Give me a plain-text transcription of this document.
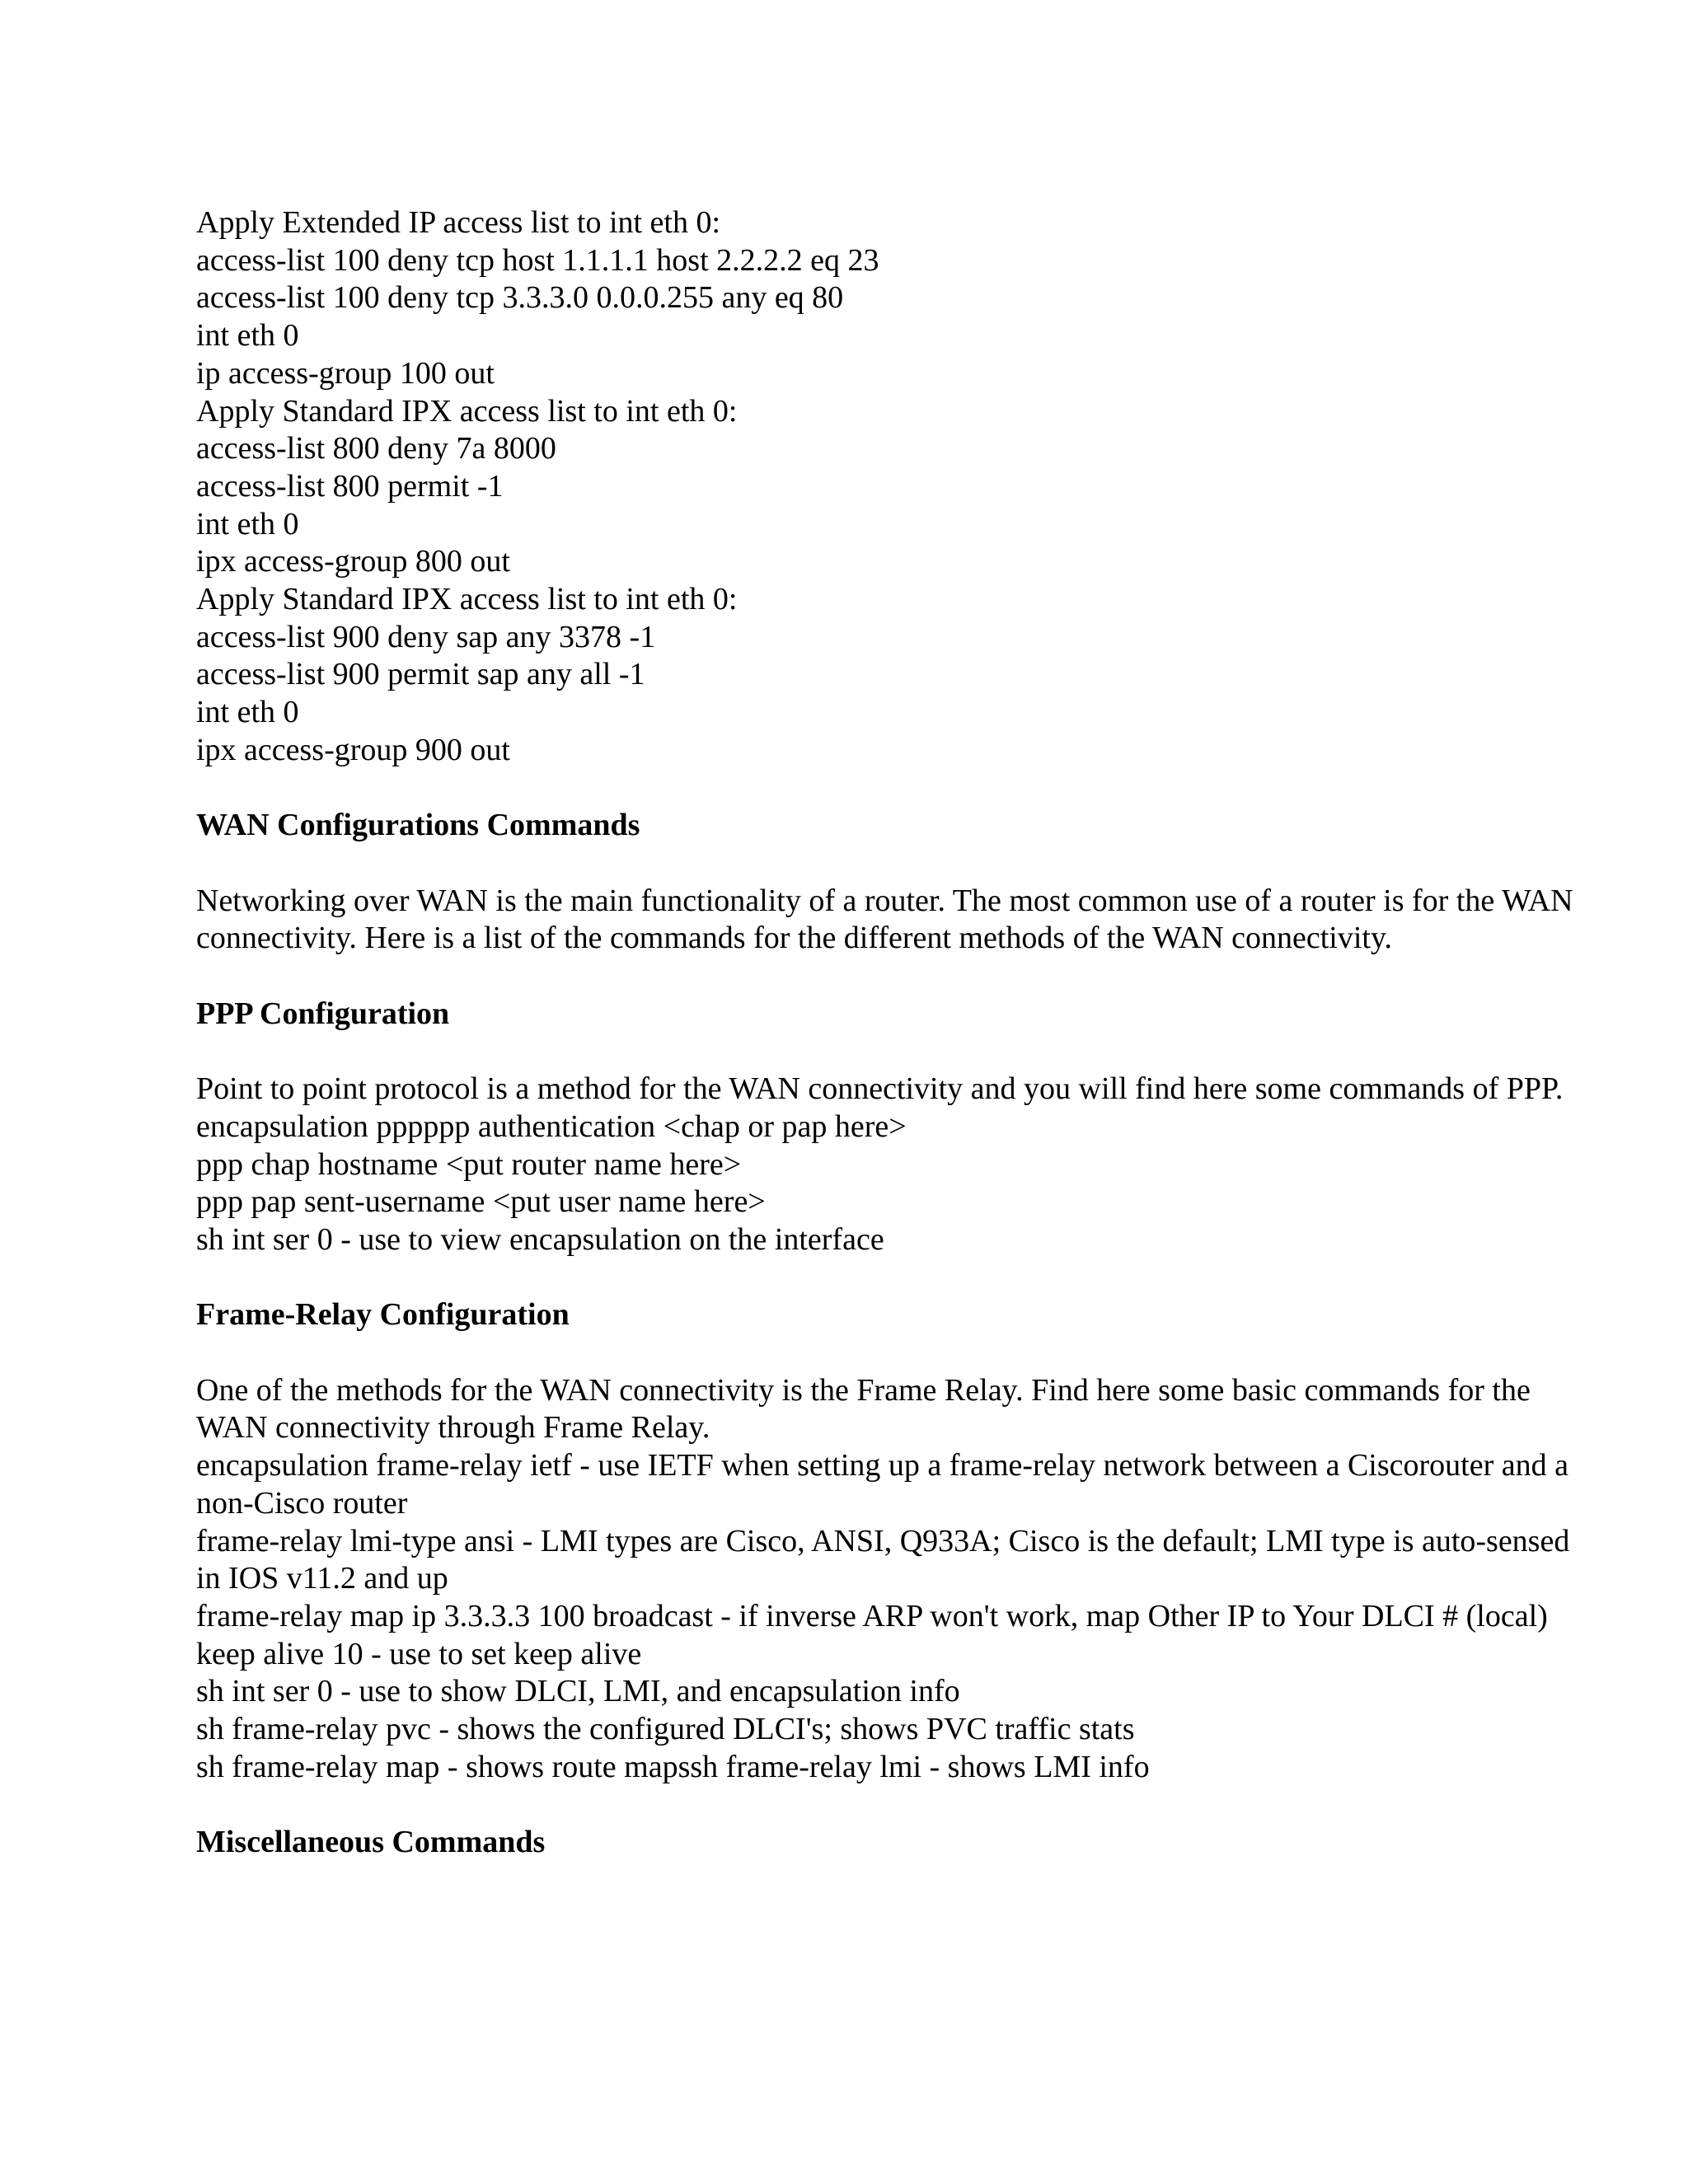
Apply Extended IP access list to int eth 0:

access-list 100 deny tcp host 1.1.1.1 host 2.2.2.2 eq 23

access-list 100 deny tcp 3.3.3.0 0.0.0.255 any eq 80

int eth 0

ip access-group 100 out

Apply Standard IPX access list to int eth 0:

access-list 800 deny 7a 8000

access-list 800 permit -1

int eth 0

ipx access-group 800 out

Apply Standard IPX access list to int eth 0:

access-list 900 deny sap any 3378 -1

access-list 900 permit sap any all -1

int eth 0

ipx access-group 900 out

WAN Configurations Commands

Networking over WAN is the main functionality of a router. The most common use of a router is for the WAN connectivity. Here is a list of the commands for the different methods of the WAN connectivity.

PPP Configuration

Point to point protocol is a method for the WAN connectivity and you will find here some commands of PPP.

encapsulation pppppp authentication <chap or pap here>

ppp chap hostname <put router name here>

ppp pap sent-username <put user name here>

sh int ser 0 - use to view encapsulation on the interface

Frame-Relay Configuration

One of the methods for the WAN connectivity is the Frame Relay. Find here some basic commands for the WAN connectivity through Frame Relay.

encapsulation frame-relay ietf - use IETF when setting up a frame-relay network between a Ciscorouter and a non-Cisco router

frame-relay lmi-type ansi - LMI types are Cisco, ANSI, Q933A; Cisco is the default; LMI type is auto-sensed in IOS v11.2 and up

frame-relay map ip 3.3.3.3 100 broadcast - if inverse ARP won't work, map Other IP to Your DLCI # (local)

keep alive 10 - use to set keep alive

sh int ser 0 - use to show DLCI, LMI, and encapsulation info

sh frame-relay pvc - shows the configured DLCI's; shows PVC traffic stats

sh frame-relay map - shows route mapssh frame-relay lmi - shows LMI info

Miscellaneous Commands
